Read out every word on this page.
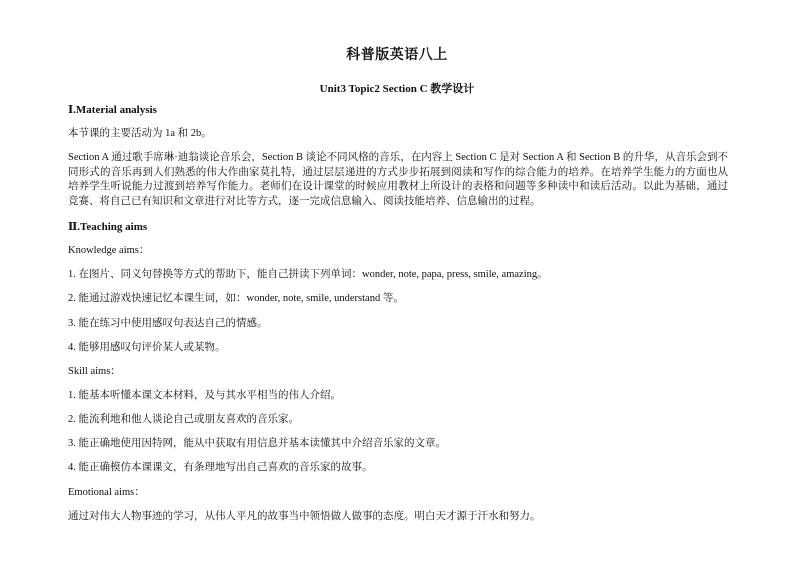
科普版英语八上
Unit3 Topic2 Section C 教学设计
Ⅰ.Material analysis
本节课的主要活动为 1a 和 2b。
Section A 通过歌手席琳·迪翁谈论音乐会，Section B 谈论不同风格的音乐，在内容上 Section C 是对 Section A 和 Section B 的升华，从音乐会到不同形式的音乐再到人们熟悉的伟大作曲家莫扎特，通过层层递进的方式步步拓展到阅读和写作的综合能力的培养。在培养学生能力的方面也从培养学生听说能力过渡到培养写作能力。老师们在设计课堂的时候应用教材上所设计的表格和问题等多种读中和读后活动。以此为基础，通过竞赛、将自己已有知识和文章进行对比等方式，逐一完成信息输入、阅读技能培养、信息输出的过程。
Ⅱ.Teaching aims
Knowledge aims：
1. 在图片、同义句替换等方式的帮助下，能自己拼读下列单词：wonder, note, papa, press, smile, amazing。
2. 能通过游戏快速记忆本课生词，如：wonder, note, smile, understand 等。
3. 能在练习中使用感叹句表达自己的情感。
4. 能够用感叹句评价某人或某物。
Skill aims：
1. 能基本听懂本课文本材料，及与其水平相当的伟人介绍。
2. 能流利地和他人谈论自己或朋友喜欢的音乐家。
3. 能正确地使用因特网，能从中获取有用信息并基本读懂其中介绍音乐家的文章。
4. 能正确模仿本课课文，有条理地写出自己喜欢的音乐家的故事。
Emotional aims：
通过对伟大人物事迹的学习，从伟人平凡的故事当中领悟做人做事的态度。明白天才源于汗水和努力。
